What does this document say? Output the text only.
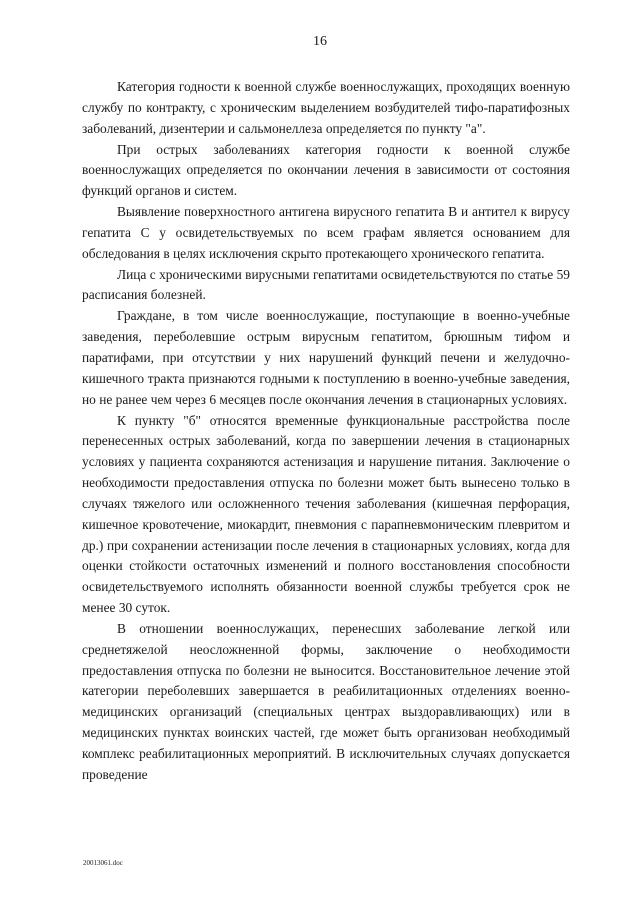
16

Категория годности к военной службе военнослужащих, проходящих военную службу по контракту, с хроническим выделением возбудителей тифо-паратифозных заболеваний, дизентерии и сальмонеллеза определяется по пункту "а".

При острых заболеваниях категория годности к военной службе военнослужащих определяется по окончании лечения в зависимости от состояния функций органов и систем.

Выявление поверхностного антигена вирусного гепатита В и антител к вирусу гепатита С у освидетельствуемых по всем графам является основанием для обследования в целях исключения скрыто протекающего хронического гепатита.

Лица с хроническими вирусными гепатитами освидетельствуются по статье 59 расписания болезней.

Граждане, в том числе военнослужащие, поступающие в военно-учебные заведения, переболевшие острым вирусным гепатитом, брюшным тифом и паратифами, при отсутствии у них нарушений функций печени и желудочно-кишечного тракта признаются годными к поступлению в военно-учебные заведения, но не ранее чем через 6 месяцев после окончания лечения в стационарных условиях.

К пункту "б" относятся временные функциональные расстройства после перенесенных острых заболеваний, когда по завершении лечения в стационарных условиях у пациента сохраняются астенизация и нарушение питания. Заключение о необходимости предоставления отпуска по болезни может быть вынесено только в случаях тяжелого или осложненного течения заболевания (кишечная перфорация, кишечное кровотечение, миокардит, пневмония с парапневмоническим плевритом и др.) при сохранении астенизации после лечения в стационарных условиях, когда для оценки стойкости остаточных изменений и полного восстановления способности освидетельствуемого исполнять обязанности военной службы требуется срок не менее 30 суток.

В отношении военнослужащих, перенесших заболевание легкой или среднетяжелой неосложненной формы, заключение о необходимости предоставления отпуска по болезни не выносится. Восстановительное лечение этой категории переболевших завершается в реабилитационных отделениях военно-медицинских организаций (специальных центрах выздоравливающих) или в медицинских пунктах воинских частей, где может быть организован необходимый комплекс реабилитационных мероприятий. В исключительных случаях допускается проведение

20013061.doc
